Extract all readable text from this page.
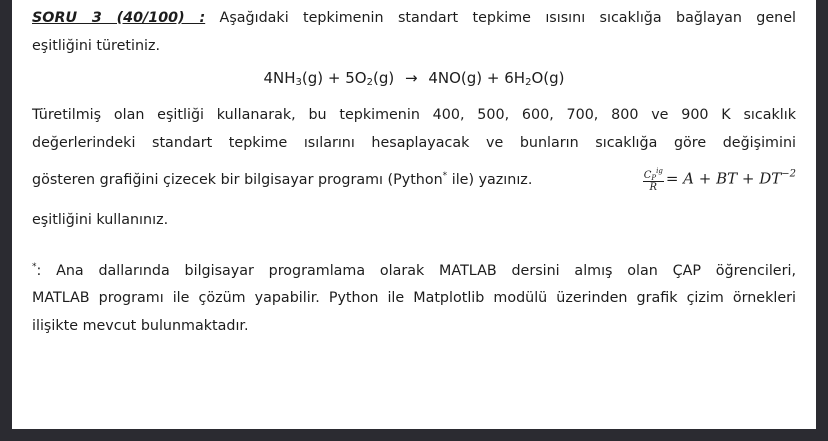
SORU 3 (40/100) : Aşağıdaki tepkimenin standart tepkime ısısını sıcaklığa bağlayan genel
eşitliğini türetiniz.
$4NH_3(g) + 5O_2(g) \to 4NO(g) + 6H_2O(g)$
Türetilmiş olan eşitliği kullanarak, bu tepkimenin 400, 500, 600, 700, 800 ve 900 K sıcaklık
değerlerindeki standart tepkime ısılarını hesaplayacak ve bunların sıcaklığa göre değişimini
gösteren grafiğini çizecek bir bilgisayar programı (Python* ile) yazınız.	$\frac{C_P^{ig}}{R} = A$ + BT + $DT^{-2}$
eşitliğini kullanınız.
*: Ana dallarında bilgisayar programlama olarak MATLAB dersini almış olan ÇAP öğrencileri,
MATLAB programı ile çözüm yapabilir. Python ile Matplotlib modülü üzerinden grafik çizim örnekleri
ilişikte mevcut bulunmaktadır.
